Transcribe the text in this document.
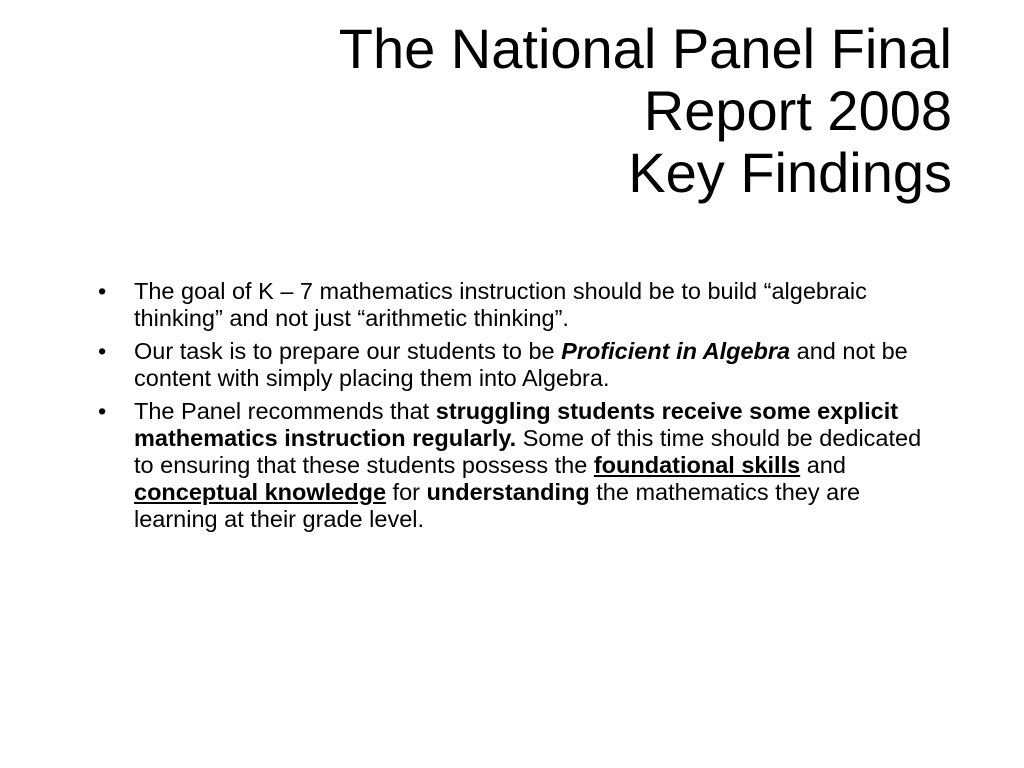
The National Panel Final
Report 2008
Key Findings
• The goal of K – 7 mathematics instruction should be to build “algebraic thinking” and not just “arithmetic thinking”.
• Our task is to prepare our students to be Proficient in Algebra and not be content with simply placing them into Algebra.
• The Panel recommends that struggling students receive some explicit mathematics instruction regularly. Some of this time should be dedicated to ensuring that these students possess the foundational skills and conceptual knowledge for understanding the mathematics they are learning at their grade level.
